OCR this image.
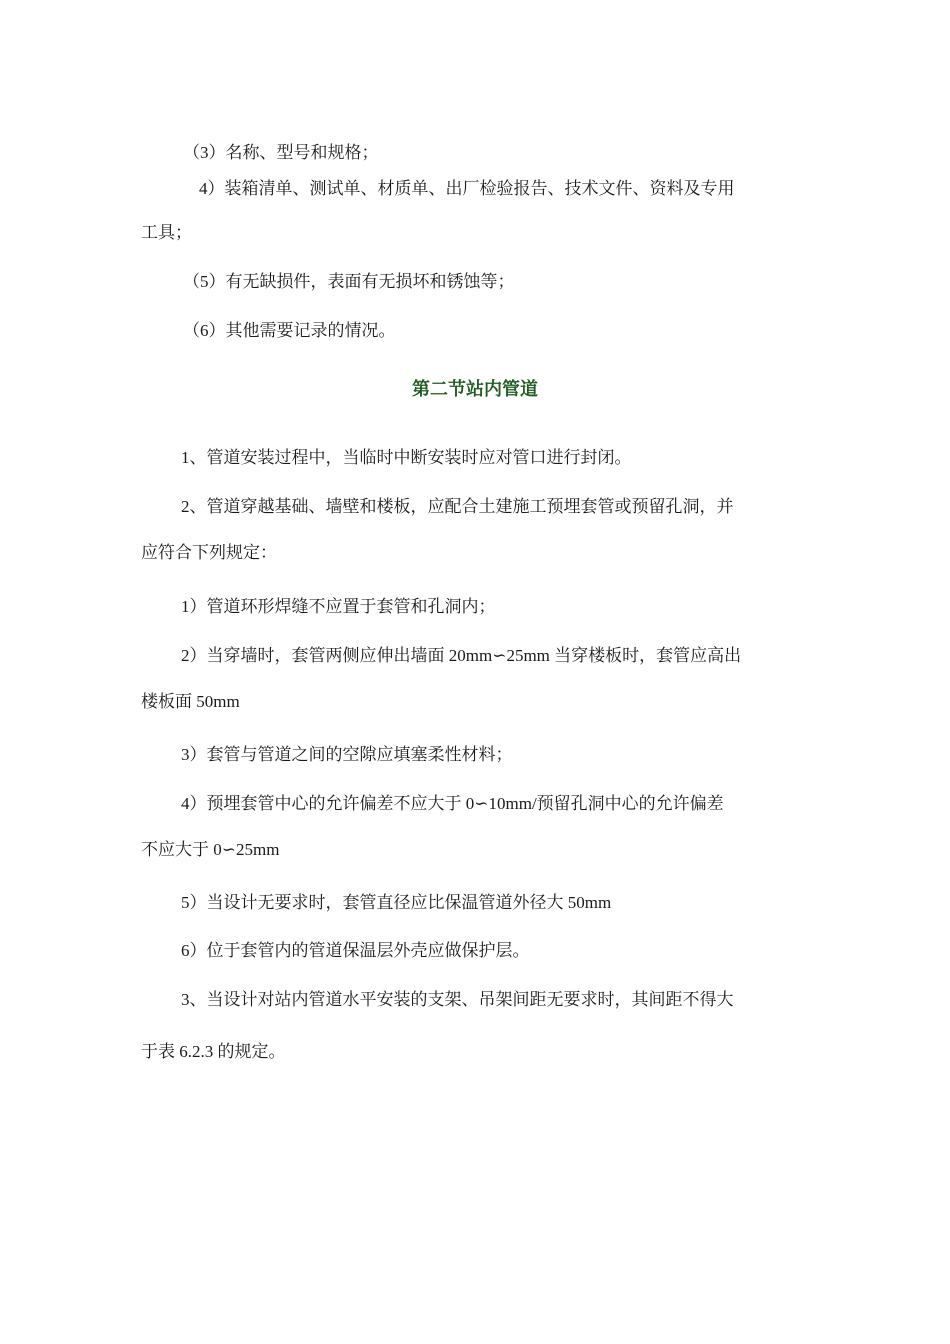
（3）名称、型号和规格；

4）装箱清单、测试单、材质单、出厂检验报告、技术文件、资料及专用

工具；

（5）有无缺损件，表面有无损坏和锈蚀等；

（6）其他需要记录的情况。

第二节站内管道

1、管道安装过程中，当临时中断安装时应对管口进行封闭。

2、管道穿越基础、墙壁和楼板，应配合土建施工预埋套管或预留孔洞，并

应符合下列规定：

1）管道环形焊缝不应置于套管和孔洞内；

2）当穿墙时，套管两侧应伸出墙面 20mm∽25mm 当穿楼板时，套管应高出

楼板面 50mm

3）套管与管道之间的空隙应填塞柔性材料；

4）预埋套管中心的允许偏差不应大于 0∽10mm/预留孔洞中心的允许偏差

不应大于 0∽25mm

5）当设计无要求时，套管直径应比保温管道外径大 50mm

6）位于套管内的管道保温层外壳应做保护层。

3、当设计对站内管道水平安装的支架、吊架间距无要求时，其间距不得大

于表 6.2.3 的规定。
